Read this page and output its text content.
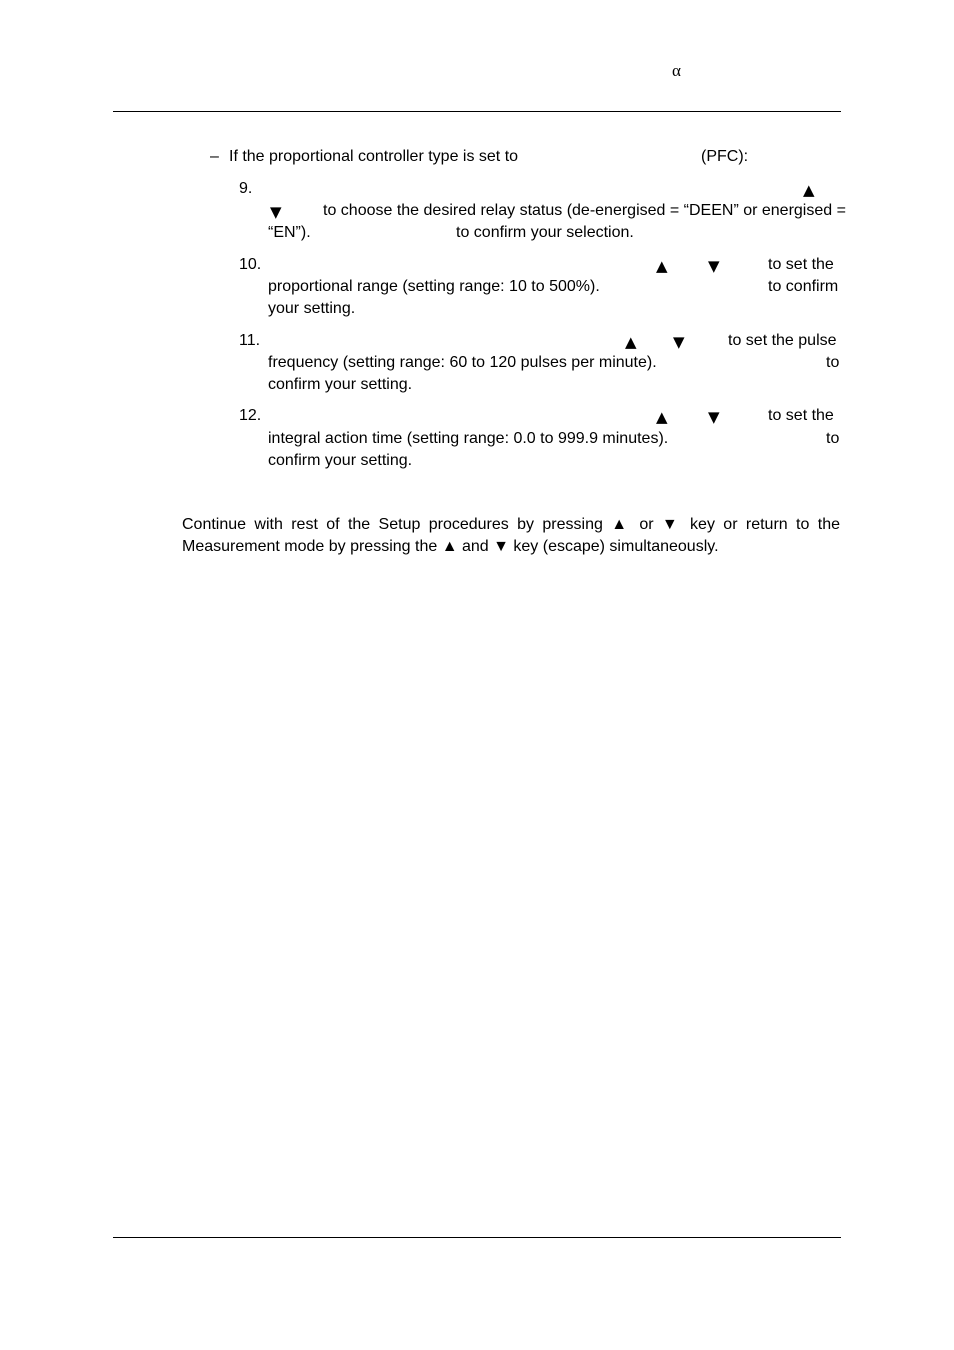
α
– If the proportional controller type is set to	(PFC):
9.	▲
▼	to choose the desired relay status (de-energised = “DEEN” or energised =
“EN”).	to confirm your selection.
10.	▲	▼	to set the
proportional range (setting range: 10 to 500%).	to confirm
your setting.
11.	▲ ▼	to set the pulse
frequency (setting range: 60 to 120 pulses per minute).	to
confirm your setting.
12.	▲	▼	to set the
integral action time (setting range: 0.0 to 999.9 minutes).	to
confirm your setting.
Continue with rest of the Setup procedures by pressing ▲ or ▼ key or return to the
Measurement mode by pressing the ▲ and ▼ key (escape) simultaneously.
